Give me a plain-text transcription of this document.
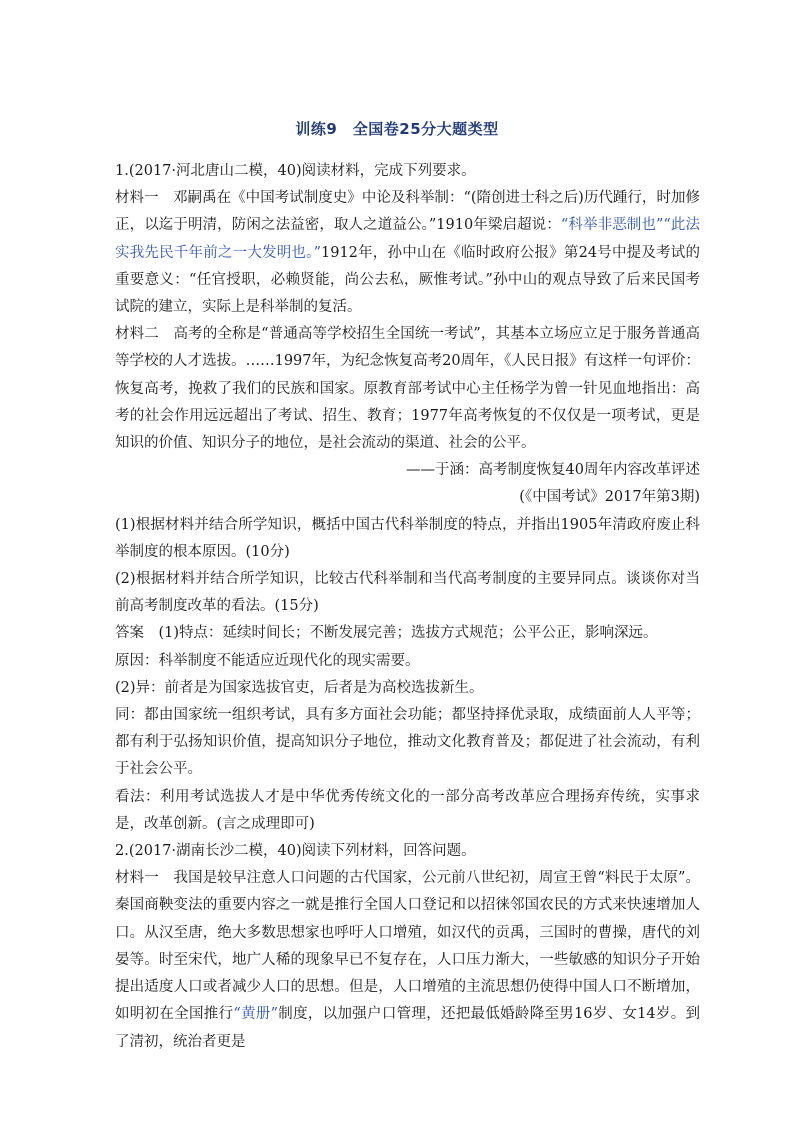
训练9　全国卷25分大题类型

1.(2017·河北唐山二模，40)阅读材料，完成下列要求。

材料一　邓嗣禹在《中国考试制度史》中论及科举制：“(隋创进士科之后)历代踵行，时加修正，以迄于明清，防闲之法益密，取人之道益公。”1910年梁启超说：“科举非恶制也”“此法实我先民千年前之一大发明也。”1912年，孙中山在《临时政府公报》第24号中提及考试的重要意义：“任官授职，必赖贤能，尚公去私，厥惟考试。”孙中山的观点导致了后来民国考试院的建立，实际上是科举制的复活。

材料二　高考的全称是“普通高等学校招生全国统一考试”，其基本立场应立足于服务普通高等学校的人才选拔。……1997年，为纪念恢复高考20周年，《人民日报》有这样一句评价：恢复高考，挽救了我们的民族和国家。原教育部考试中心主任杨学为曾一针见血地指出：高考的社会作用远远超出了考试、招生、教育；1977年高考恢复的不仅仅是一项考试，更是知识的价值、知识分子的地位，是社会流动的渠道、社会的公平。

——于涵：高考制度恢复40周年内容改革评述

(《中国考试》2017年第3期)

(1)根据材料并结合所学知识，概括中国古代科举制度的特点，并指出1905年清政府废止科举制度的根本原因。(10分)

(2)根据材料并结合所学知识，比较古代科举制和当代高考制度的主要异同点。谈谈你对当前高考制度改革的看法。(15分)

答案　(1)特点：延续时间长；不断发展完善；选拔方式规范；公平公正，影响深远。

原因：科举制度不能适应近现代化的现实需要。

(2)异：前者是为国家选拔官吏，后者是为高校选拔新生。

同：都由国家统一组织考试，具有多方面社会功能；都坚持择优录取，成绩面前人人平等；都有利于弘扬知识价值，提高知识分子地位，推动文化教育普及；都促进了社会流动，有利于社会公平。

看法：利用考试选拔人才是中华优秀传统文化的一部分高考改革应合理扬弃传统，实事求是，改革创新。(言之成理即可)

2.(2017·湖南长沙二模，40)阅读下列材料，回答问题。

材料一　我国是较早注意人口问题的古代国家，公元前八世纪初，周宣王曾“料民于太原”。秦国商鞅变法的重要内容之一就是推行全国人口登记和以招徕邻国农民的方式来快速增加人口。从汉至唐，绝大多数思想家也呼吁人口增殖，如汉代的贡禹，三国时的曹操，唐代的刘晏等。时至宋代，地广人稀的现象早已不复存在，人口压力渐大，一些敏感的知识分子开始提出适度人口或者减少人口的思想。但是，人口增殖的主流思想仍使得中国人口不断增加，如明初在全国推行“黄册”制度，以加强户口管理，还把最低婚龄降至男16岁、女14岁。到了清初，统治者更是
